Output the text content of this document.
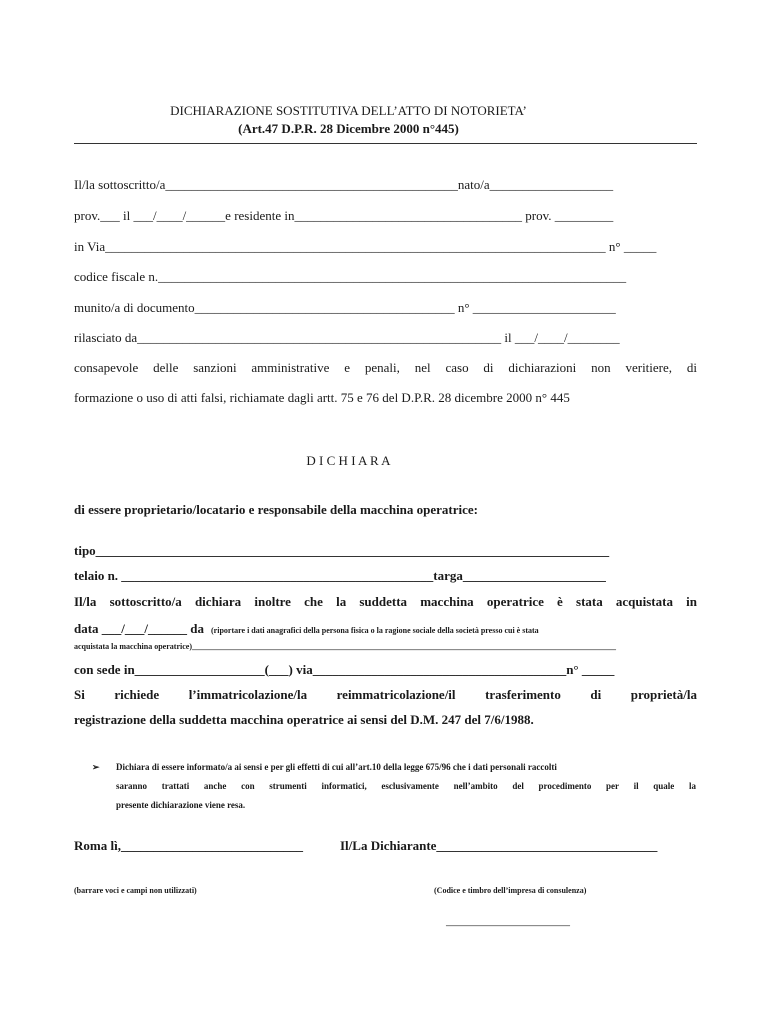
DICHIARAZIONE SOSTITUTIVA DELL’ATTO DI NOTORIETA’
(Art.47 D.P.R. 28 Dicembre 2000 n°445)
Il/la sottoscritto/a_____________________________________________nato/a___________________
prov.___ il ___/____/______e residente in___________________________________ prov. _________
in Via_____________________________________________________________________________ n° _____
codice fiscale n.________________________________________________________________________
munito/a di documento________________________________________ n° ______________________
rilasciato da________________________________________________________ il ___/____/________
consapevole delle sanzioni amministrative e penali, nel caso di dichiarazioni non veritiere, di
formazione o uso di atti falsi, richiamate dagli artt. 75 e 76 del D.P.R. 28 dicembre 2000 n° 445
D I C H I A R A
di essere proprietario/locatario e responsabile della macchina operatrice:
tipo_______________________________________________________________________________
telaio n. ________________________________________________targa______________________
Il/la sottoscritto/a dichiara inoltre che la suddetta macchina operatrice è stata acquistata in
data ___/___/______ da (riportare i dati anagrafici della persona fisica o la ragione sociale della società presso cui è stata
acquistata la macchina operatrice)__________________________________________________________________________________________________________
con sede in____________________(___) via_______________________________________n° _____
Si richiede l’immatricolazione/la reimmatricolazione/il trasferimento di proprietà/la
registrazione della suddetta macchina operatrice ai sensi del D.M. 247 del 7/6/1988.
➢ Dichiara di essere informato/a ai sensi e per gli effetti di cui all’art.10 della legge 675/96 che i dati personali raccolti
saranno trattati anche con strumenti informatici, esclusivamente nell’ambito del procedimento per il quale la
presente dichiarazione viene resa.
Roma lì,____________________________	Il/La Dichiarante__________________________________
(barrare voci e campi non utilizzati)	(Codice e timbro dell’impresa di consulenza)
_______________________________
